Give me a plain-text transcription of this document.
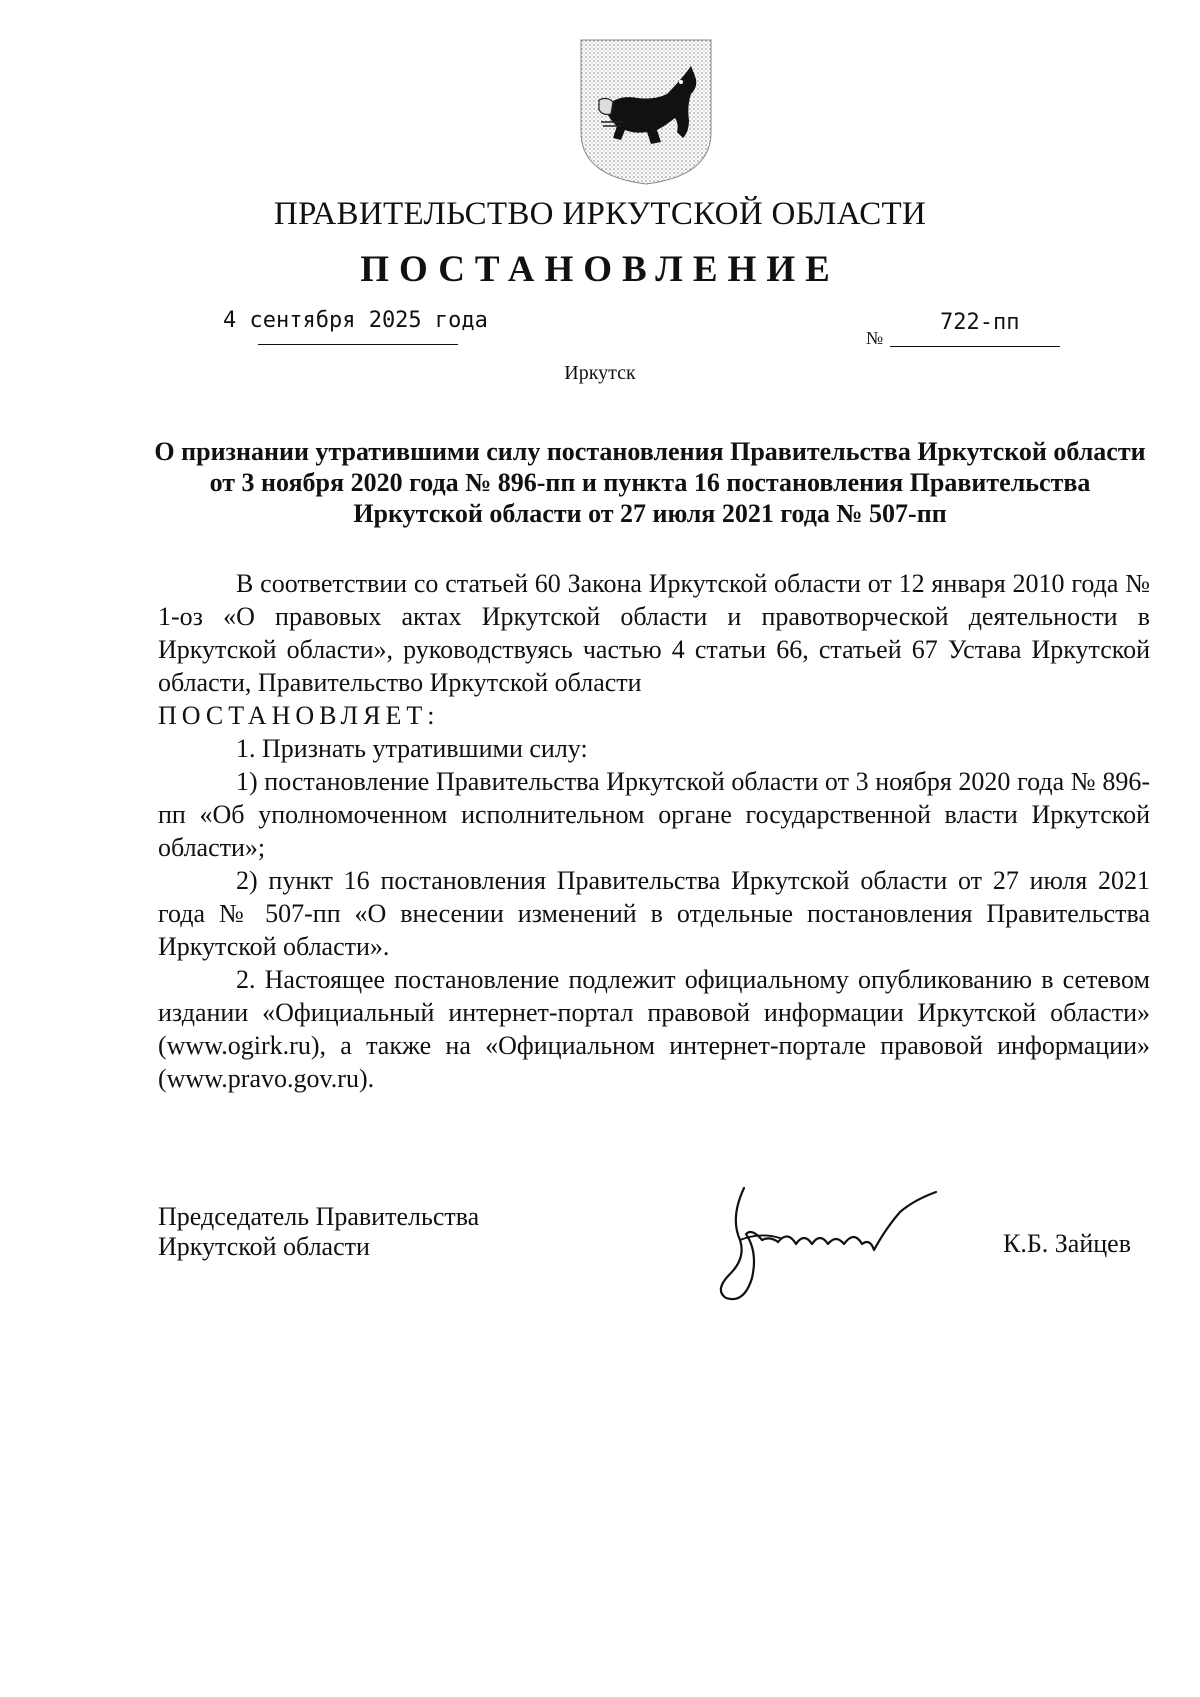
ПРАВИТЕЛЬСТВО ИРКУТСКОЙ ОБЛАСТИ
ПОСТАНОВЛЕНИЕ
4 сентября 2025 года
№
722-пп
Иркутск
О признании утратившими силу постановления Правительства Иркутской области от 3 ноября 2020 года № 896-пп и пункта 16 постановления Правительства Иркутской области от 27 июля 2021 года № 507-пп

В соответствии со статьей 60 Закона Иркутской области от 12 января 2010 года № 1-оз «О правовых актах Иркутской области и правотворческой деятельности в Иркутской области», руководствуясь частью 4 статьи 66, статьей 67 Устава Иркутской области, Правительство Иркутской области

ПОСТАНОВЛЯЕТ:

1. Признать утратившими силу:

1) постановление Правительства Иркутской области от 3 ноября 2020 года № 896-пп «Об уполномоченном исполнительном органе государственной власти Иркутской области»;

2) пункт 16 постановления Правительства Иркутской области от 27 июля 2021 года № 507-пп «О внесении изменений в отдельные постановления Правительства Иркутской области».

2. Настоящее постановление подлежит официальному опубликованию в сетевом издании «Официальный интернет-портал правовой информации Иркутской области» (www.ogirk.ru), а также на «Официальном интернет-портале правовой информации» (www.pravo.gov.ru).

Председатель Правительства
Иркутской области	К.Б. Зайцев
